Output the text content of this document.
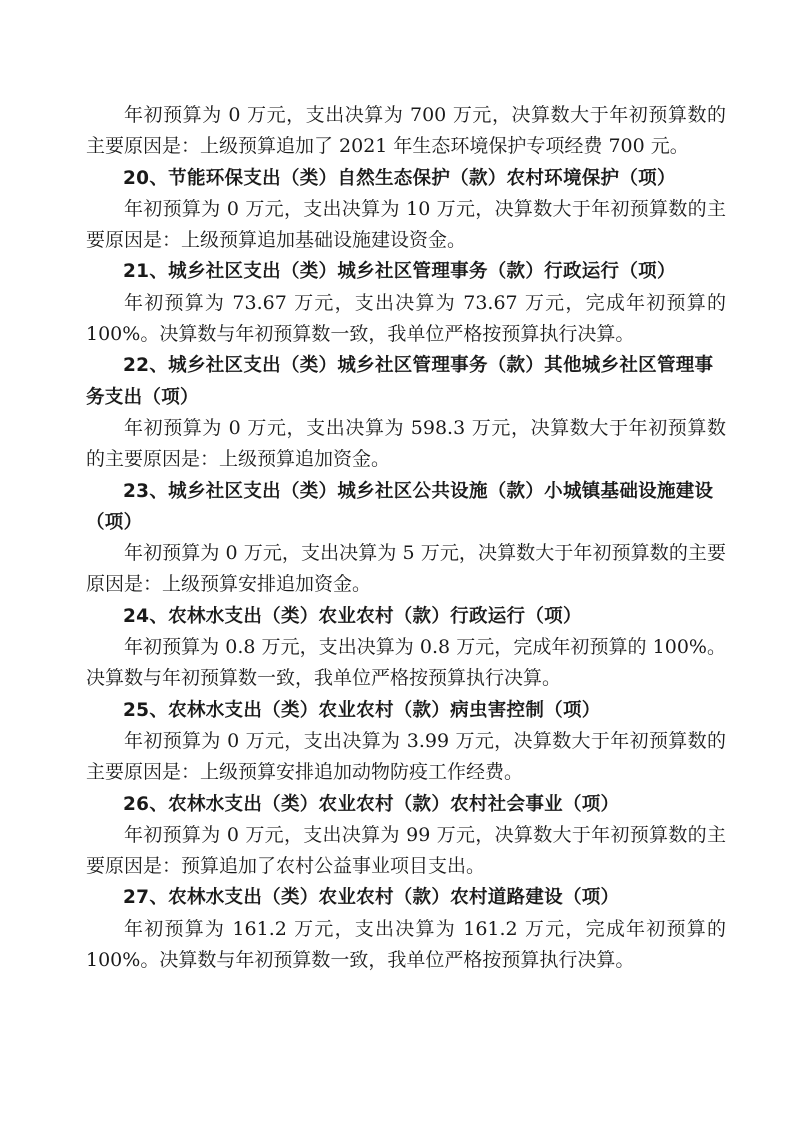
年初预算为 0 万元，支出决算为 700 万元，决算数大于年初预算数的主要原因是：上级预算追加了 2021 年生态环境保护专项经费 700 元。

20、节能环保支出（类）自然生态保护（款）农村环境保护（项）

年初预算为 0 万元，支出决算为 10 万元，决算数大于年初预算数的主要原因是：上级预算追加基础设施建设资金。

21、城乡社区支出（类）城乡社区管理事务（款）行政运行（项）

年初预算为 73.67 万元，支出决算为 73.67 万元，完成年初预算的 100%。决算数与年初预算数一致，我单位严格按预算执行决算。

22、城乡社区支出（类）城乡社区管理事务（款）其他城乡社区管理事务支出（项）

年初预算为 0 万元，支出决算为 598.3 万元，决算数大于年初预算数的主要原因是：上级预算追加资金。

23、城乡社区支出（类）城乡社区公共设施（款）小城镇基础设施建设（项）

年初预算为 0 万元，支出决算为 5 万元，决算数大于年初预算数的主要原因是：上级预算安排追加资金。

24、农林水支出（类）农业农村（款）行政运行（项）

年初预算为 0.8 万元，支出决算为 0.8 万元，完成年初预算的 100%。决算数与年初预算数一致，我单位严格按预算执行决算。

25、农林水支出（类）农业农村（款）病虫害控制（项）

年初预算为 0 万元，支出决算为 3.99 万元，决算数大于年初预算数的主要原因是：上级预算安排追加动物防疫工作经费。

26、农林水支出（类）农业农村（款）农村社会事业（项）

年初预算为 0 万元，支出决算为 99 万元，决算数大于年初预算数的主要原因是：预算追加了农村公益事业项目支出。

27、农林水支出（类）农业农村（款）农村道路建设（项）

年初预算为 161.2 万元，支出决算为 161.2 万元，完成年初预算的 100%。决算数与年初预算数一致，我单位严格按预算执行决算。
